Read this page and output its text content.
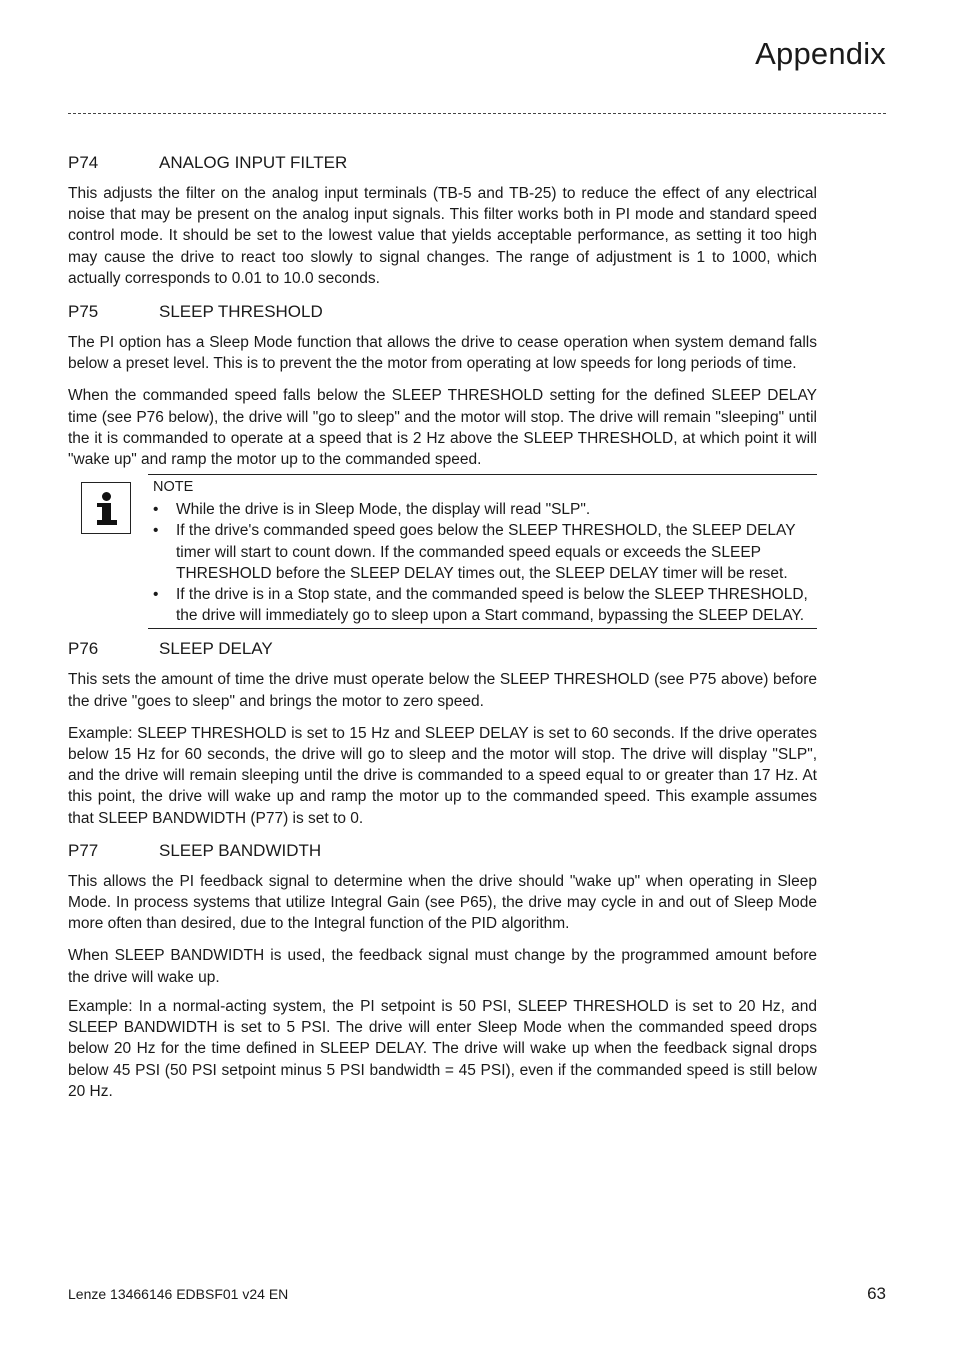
Appendix
P74	ANALOG INPUT FILTER

This adjusts the filter on the analog input terminals (TB-5 and TB-25) to reduce the effect of any electrical noise that may be present on the analog input signals. This filter works both in PI mode and standard speed control mode. It should be set to the lowest value that yields acceptable performance, as setting it too high may cause the drive to react too slowly to signal changes. The range of adjustment is 1 to 1000, which actually corresponds to 0.01 to 10.0 seconds.

P75	SLEEP THRESHOLD

The PI option has a Sleep Mode function that allows the drive to cease operation when system demand falls below a preset level. This is to prevent the the motor from operating at low speeds for long periods of time.

When the commanded speed falls below the SLEEP THRESHOLD setting for the defined SLEEP DELAY time (see P76 below), the drive will "go to sleep" and the motor will stop. The drive will remain "sleeping" until the it is commanded to operate at a speed that is 2 Hz above the SLEEP THRESHOLD, at which point it will "wake up" and ramp the motor up to the commanded speed.

NOTE
• While the drive is in Sleep Mode, the display will read "SLP".
• If the drive's commanded speed goes below the SLEEP THRESHOLD, the SLEEP DELAY timer will start to count down. If the commanded speed equals or exceeds the SLEEP THRESHOLD before the SLEEP DELAY times out, the SLEEP DELAY timer will be reset.
• If the drive is in a Stop state, and the commanded speed is below the SLEEP THRESHOLD, the drive will immediately go to sleep upon a Start command, bypassing the SLEEP DELAY.
P76	SLEEP DELAY

This sets the amount of time the drive must operate below the SLEEP THRESHOLD (see P75 above) before the drive "goes to sleep" and brings the motor to zero speed.

Example: SLEEP THRESHOLD is set to 15 Hz and SLEEP DELAY is set to 60 seconds. If the drive operates below 15 Hz for 60 seconds, the drive will go to sleep and the motor will stop. The drive will display "SLP", and the drive will remain sleeping until the drive is commanded to a speed equal to or greater than 17 Hz. At this point, the drive will wake up and ramp the motor up to the commanded speed. This example assumes that SLEEP BANDWIDTH (P77) is set to 0.

P77	SLEEP BANDWIDTH

This allows the PI feedback signal to determine when the drive should "wake up" when operating in Sleep Mode. In process systems that utilize Integral Gain (see P65), the drive may cycle in and out of Sleep Mode more often than desired, due to the Integral function of the PID algorithm.

When SLEEP BANDWIDTH is used, the feedback signal must change by the programmed amount before the drive will wake up.

Example: In a normal-acting system, the PI setpoint is 50 PSI, SLEEP THRESHOLD is set to 20 Hz, and SLEEP BANDWIDTH is set to 5 PSI. The drive will enter Sleep Mode when the commanded speed drops below 20 Hz for the time defined in SLEEP DELAY. The drive will wake up when the feedback signal drops below 45 PSI (50 PSI setpoint minus 5 PSI bandwidth = 45 PSI), even if the commanded speed is still below 20 Hz.

Lenze 13466146 EDBSF01 v24 EN	63
